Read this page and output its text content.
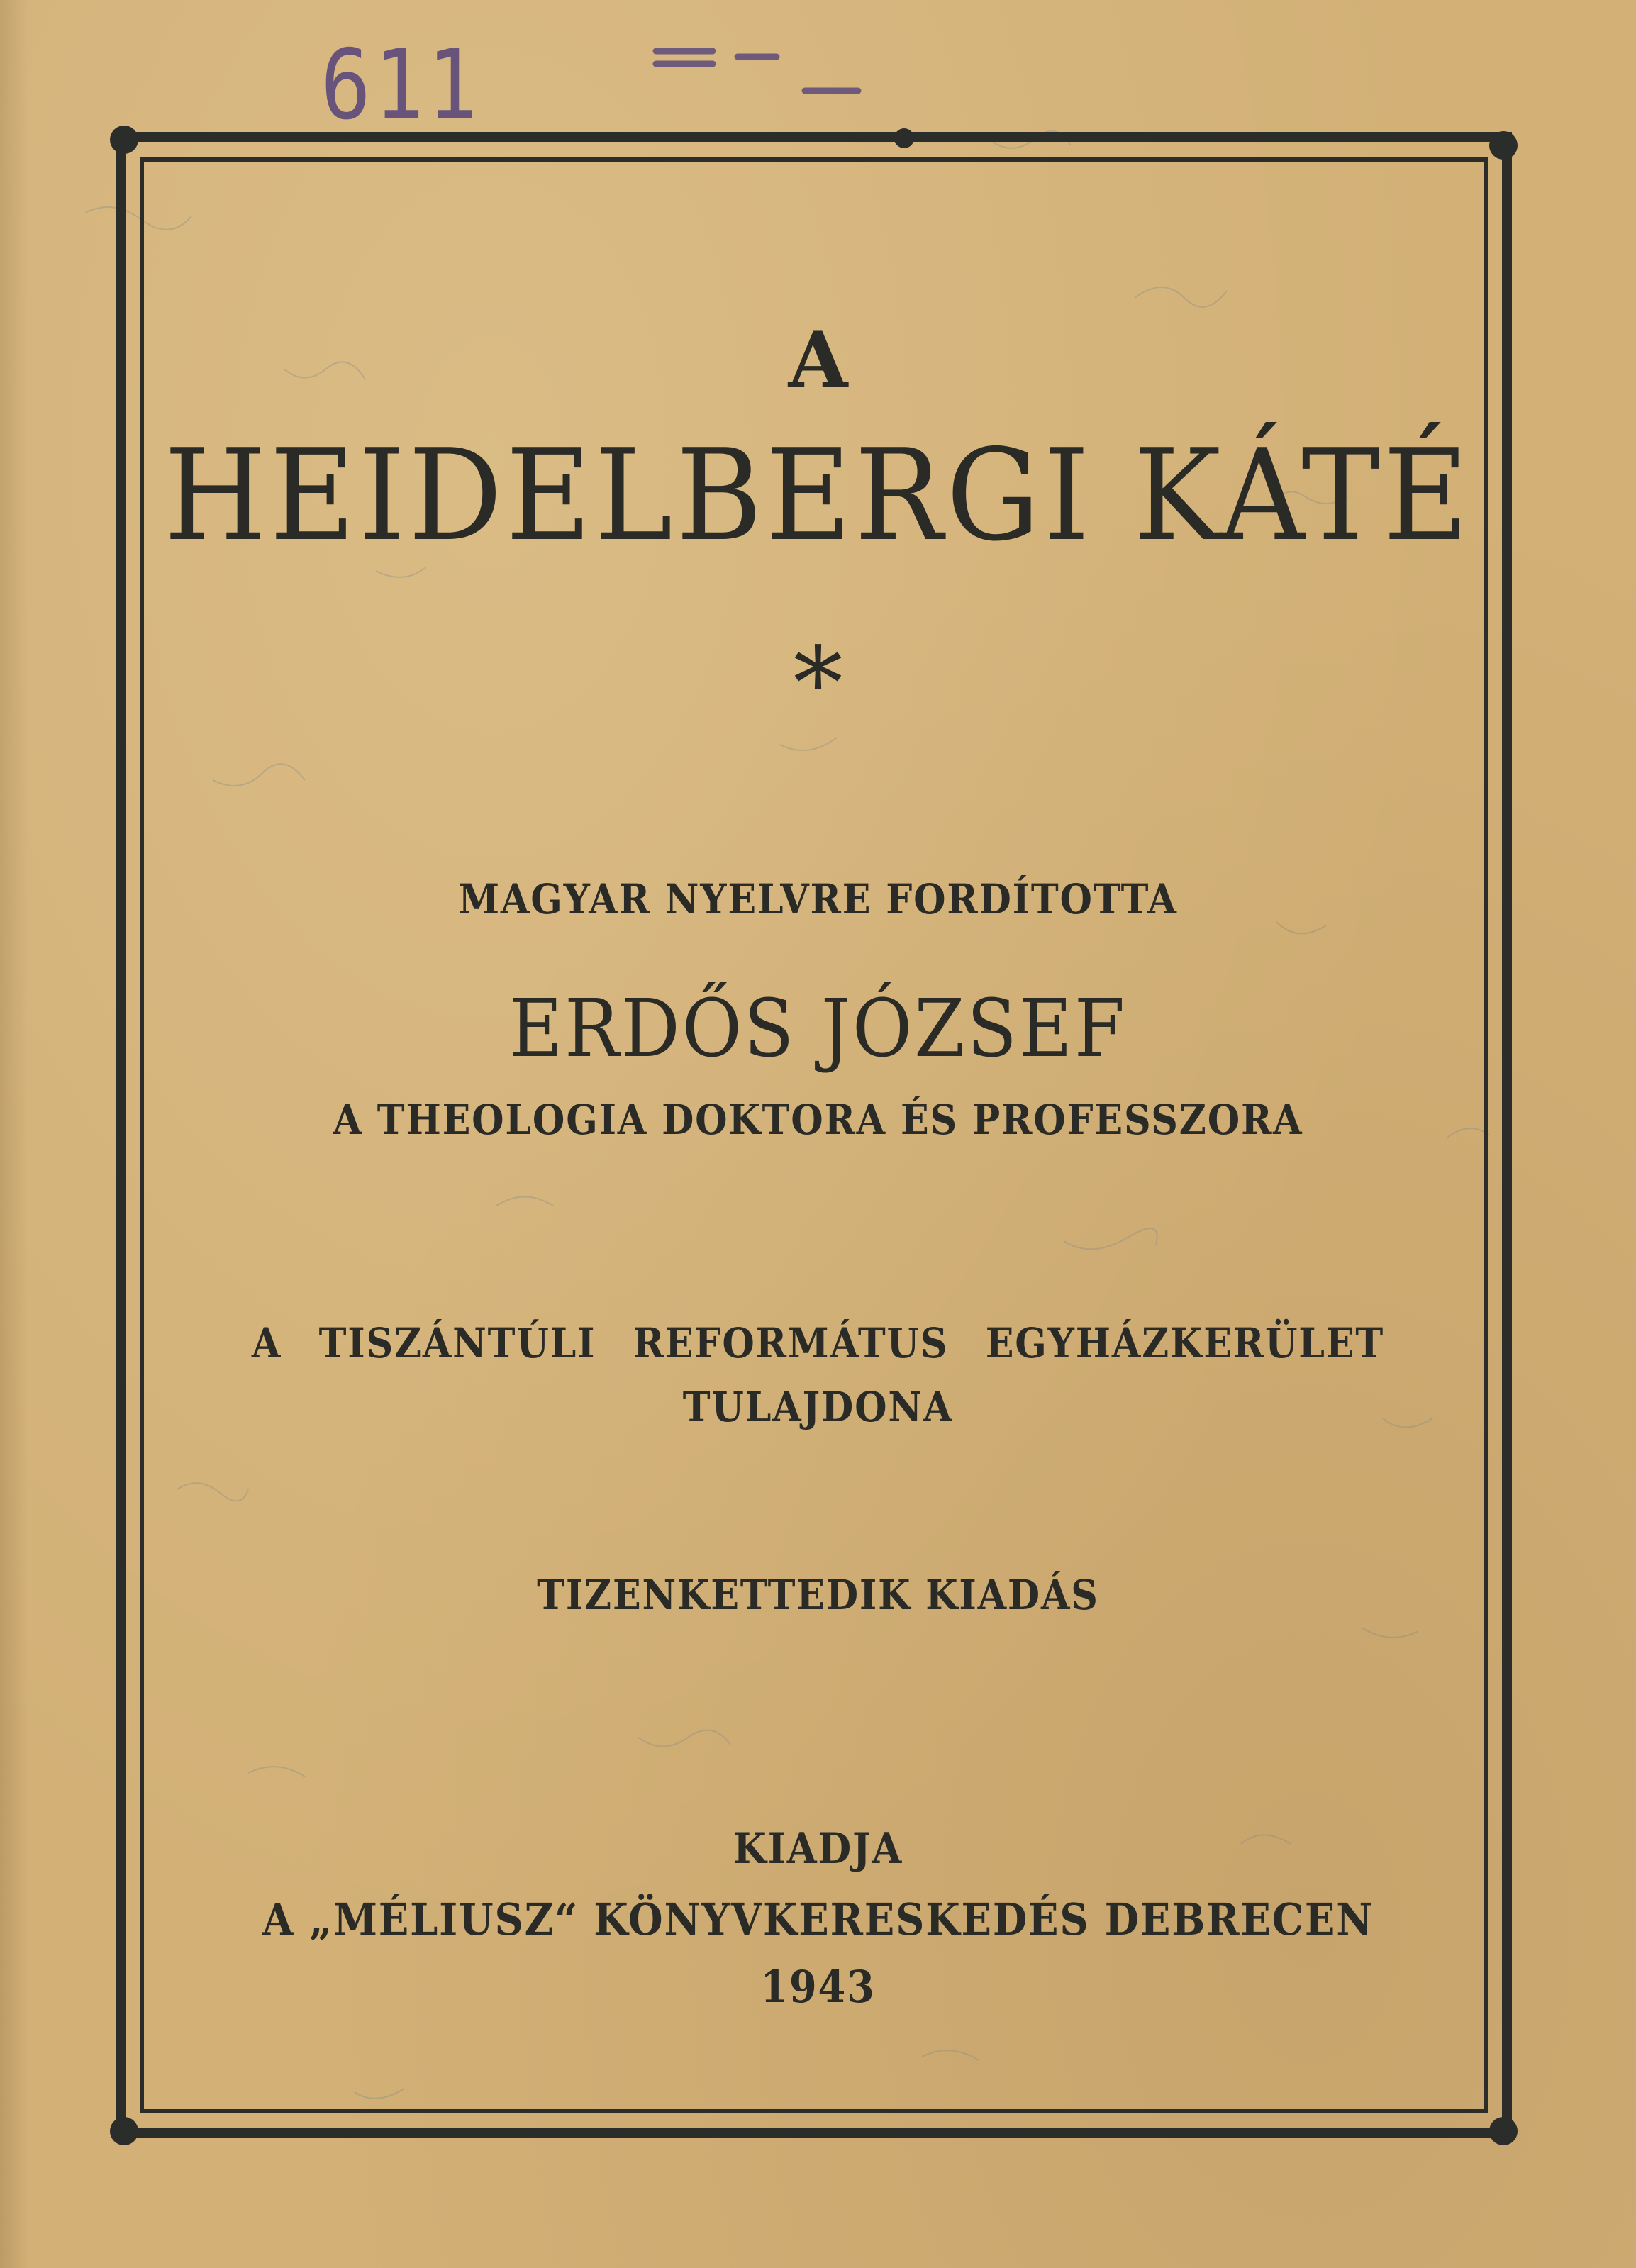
611
A
HEIDELBERGI KÁTÉ
*
MAGYAR NYELVRE FORDÍTOTTA
ERDŐS JÓZSEF
A THEOLOGIA DOKTORA ÉS PROFESSZORA
A TISZÁNTÚLI REFORMÁTUS EGYHÁZKERÜLET
TULAJDONA
TIZENKETTEDIK KIADÁS
KIADJA
A „MÉLIUSZ“ KÖNYVKERESKEDÉS DEBRECEN
1943
